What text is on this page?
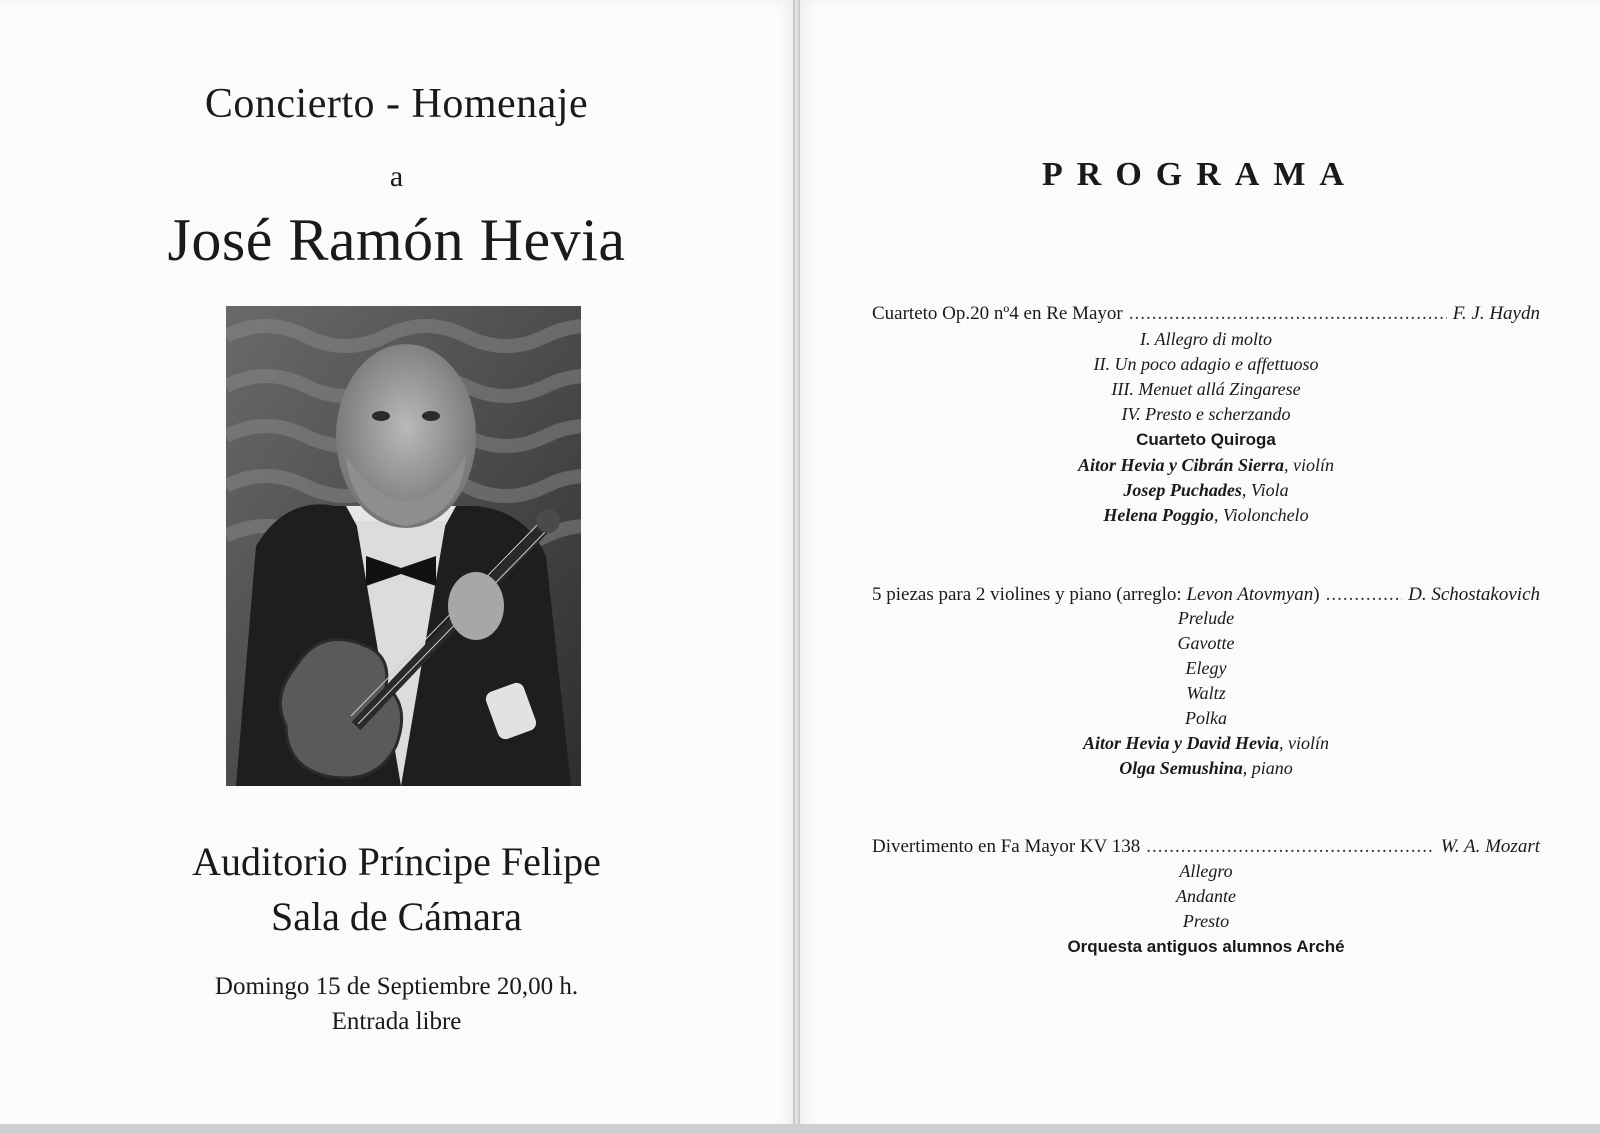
Concierto - Homenaje
a
José Ramón Hevia
Auditorio Príncipe Felipe
Sala de Cámara
Domingo 15 de Septiembre 20,00 h.
Entrada libre
PROGRAMA
Cuarteto Op.20 nº4 en Re Mayor .....	F. J. Haydn
I. Allegro di molto
II. Un poco adagio e affettuoso
III. Menuet allá Zingarese
IV. Presto e scherzando
Cuarteto Quiroga
Aitor Hevia y Cibrán Sierra, violín
Josep Puchades, Viola
Helena Poggio, Violonchelo
5 piezas para 2 violines y piano (arreglo: Levon Atovmyan) .....	D. Schostakovich
Prelude
Gavotte
Elegy
Waltz
Polka
Aitor Hevia y David Hevia, violín
Olga Semushina, piano
Divertimento en Fa Mayor KV 138 .....	W. A. Mozart
Allegro
Andante
Presto
Orquesta antiguos alumnos Arché
